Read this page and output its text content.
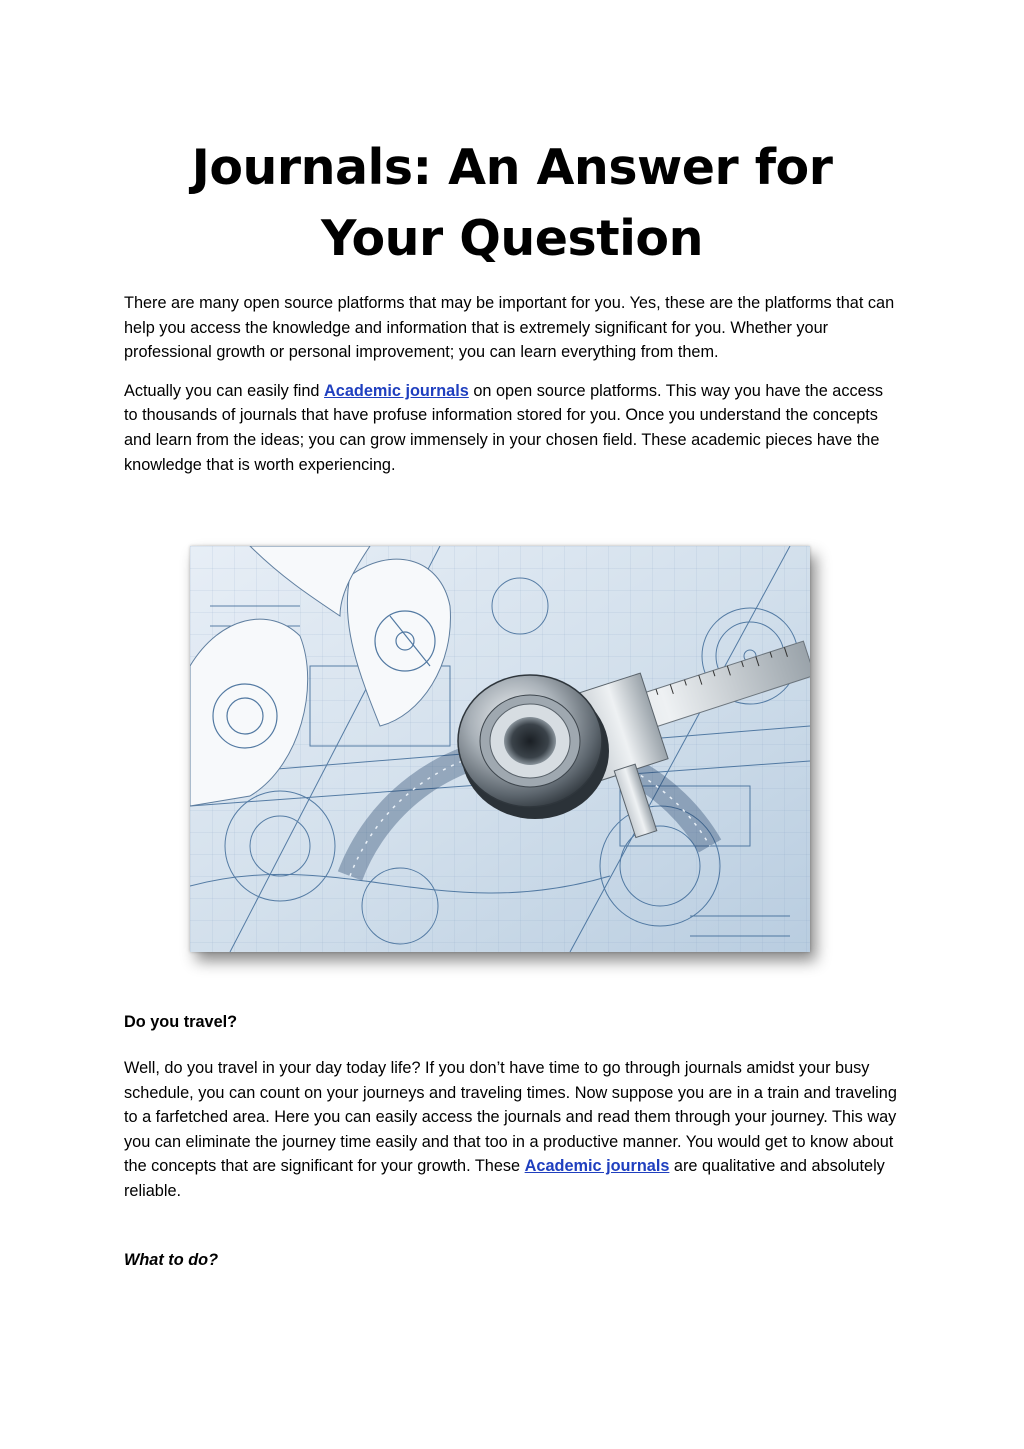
Journals: An Answer for Your Question

There are many open source platforms that may be important for you. Yes, these are the platforms that can help you access the knowledge and information that is extremely significant for you. Whether your professional growth or personal improvement; you can learn everything from them.

Actually you can easily find Academic journals on open source platforms. This way you have the access to thousands of journals that have profuse information stored for you. Once you understand the concepts and learn from the ideas; you can grow immensely in your chosen field. These academic pieces have the knowledge that is worth experiencing.

Do you travel?

Well, do you travel in your day today life? If you don’t have time to go through journals amidst your busy schedule, you can count on your journeys and traveling times. Now suppose you are in a train and traveling to a farfetched area. Here you can easily access the journals and read them through your journey. This way you can eliminate the journey time easily and that too in a productive manner. You would get to know about the concepts that are significant for your growth. These Academic journals are qualitative and absolutely reliable.

What to do?
